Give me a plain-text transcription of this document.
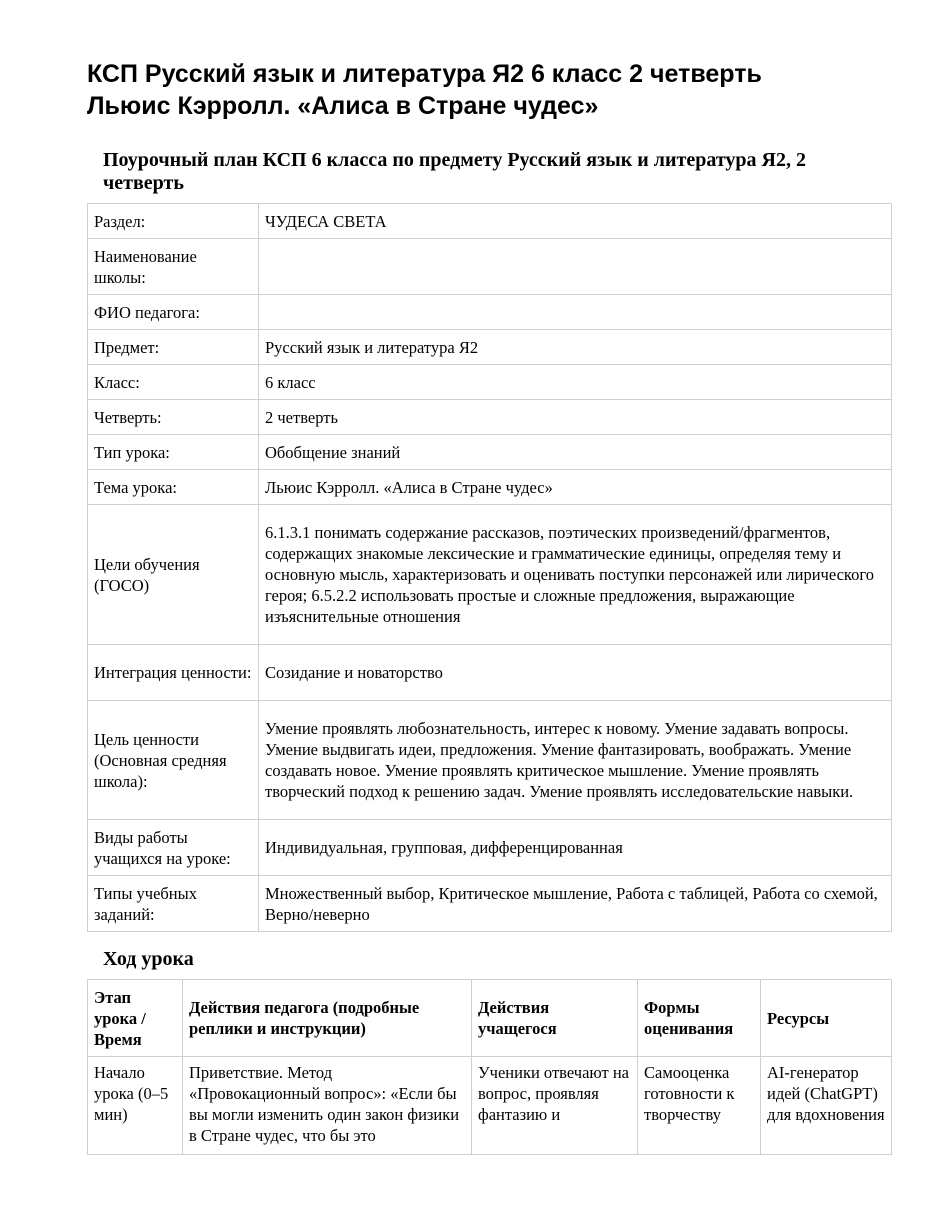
КСП Русский язык и литература Я2 6 класс 2 четверть
Льюис Кэрролл. «Алиса в Стране чудес»
Поурочный план КСП 6 класса по предмету Русский язык и литература Я2, 2 четверть
Раздел:	ЧУДЕСА СВЕТА
Наименование школы:	
ФИО педагога:	
Предмет:	Русский язык и литература Я2
Класс:	6 класс
Четверть:	2 четверть
Тип урока:	Обобщение знаний
Тема урока:	Льюис Кэрролл. «Алиса в Стране чудес»
Цели обучения (ГОСО)	6.1.3.1 понимать содержание рассказов, поэтических произведений/фрагментов, содержащих знакомые лексические и грамматические единицы, определяя тему и основную мысль, характеризовать и оценивать поступки персонажей или лирического героя; 6.5.2.2 использовать простые и сложные предложения, выражающие изъяснительные отношения
Интеграция ценности:	Созидание и новаторство
Цель ценности (Основная средняя школа):	Умение проявлять любознательность, интерес к новому. Умение задавать вопросы. Умение выдвигать идеи, предложения. Умение фантазировать, воображать. Умение создавать новое. Умение проявлять критическое мышление. Умение проявлять творческий подход к решению задач. Умение проявлять исследовательские навыки.
Виды работы учащихся на уроке:	Индивидуальная, групповая, дифференцированная
Типы учебных заданий:	Множественный выбор, Критическое мышление, Работа с таблицей, Работа со схемой, Верно/неверно
Ход урока
Этап урока / Время	Действия педагога (подробные реплики и инструкции)	Действия учащегося	Формы оценивания	Ресурсы

Начало урока (0–5 мин)	Приветствие. Метод «Провокационный вопрос»: «Если бы вы могли изменить один закон физики в Стране чудес, что бы это	Ученики отвечают на вопрос, проявляя фантазию и	Самооценка готовности к творчеству	AI-генератор идей (ChatGPT) для вдохновения
